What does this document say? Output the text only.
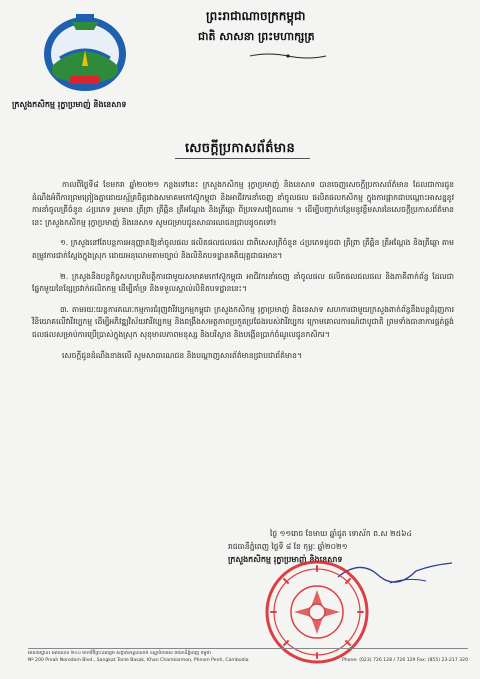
ក្រសួងកសិកម្ម រុក្ខាប្រមាញ់ និងនេសាទ
ព្រះរាជាណាចក្រកម្ពុជា
ជាតិ សាសនា ព្រះមហាក្សត្រ
សេចក្តីប្រកាសព័ត៌មាន

កាលពីថ្ងៃទី៨ ខែមករា ឆ្នាំ២០២១ កន្លងទៅនេះ ក្រសួងកសិកម្ម រុក្ខាប្រមាញ់ និងនេសាទ បានចេញសេចក្តីប្រកាសព័ត៌មាន ដែលជាការជូនដំណឹងអំពីការព្រមព្រៀងគ្នាដោយស្ម័គ្រចិត្តរវាងសមាគមកៅស៊ូកម្ពុជា និងអាជីវករនាំចេញ នាំចូលផល ផលិតផលកសិកម្ម ក្នុងការផ្អាកជាបណ្ដោះអាសន្ននូវការនាំចូលត្រីចំនួន ៤ប្រភេទ រួមមាន ត្រីព្រា ត្រីឆ្ពិន ត្រីអណ្ដែង និងត្រីឆ្តោ ពីប្រទេសវៀតណាម ។ ដើម្បីបញ្ជាក់បន្ថែមនូវខ្លឹមសារនៃសេចក្តីប្រកាសព័ត៌មាននេះ ក្រសួងកសិកម្ម រុក្ខាប្រមាញ់ និងនេសាទ សូមជម្រាបជូនសាធារណជនជ្រាបដូចតទៅ៖

១. ក្រសួងនៅតែបន្តការអនុញ្ញាតឱ្យនាំចូលផល ផលិតផលជលផល ជាពិសេសត្រីចំនួន ៤ប្រភេទដូចជា ត្រីព្រា ត្រីឆ្ពិន ត្រីអណ្ដែង និងត្រីឆ្តោ តាមតម្រូវការជាក់ស្តែងក្នុងស្រុក ដោយអនុលោមតាមច្បាប់ និងលិខិតបទដ្ឋានគតិយុត្តជាធរមាន។

២. ក្រសួងនឹងបន្តកិច្ចសហប្រតិបត្តិការជាមួយសមាគមកៅស៊ូកម្ពុជា អាជីវករនាំចេញ នាំចូលផល ផលិតផលជលផល និងភាគីពាក់ព័ន្ធ ដែលជាផ្នែកមួយនៃខ្សែច្រវាក់ផលិតកម្ម ដើម្បីគាំទ្រ និងទទួលស្គាល់លិខិតបទដ្ឋាននេះ។

៣. តាមរយៈយន្តការគណៈកម្មការជំរុញវារីវប្បកម្មកម្ពុជា ក្រសួងកសិកម្ម រុក្ខាប្រមាញ់ និងនេសាទ សហការជាមួយក្រសួងពាក់ព័ន្ធនឹងបន្តជំរុញការវិនិយោគលើវារីវប្បកម្ម ដើម្បីអភិវឌ្ឍវិស័យវារីវប្បកម្ម និងពង្រឹងសមត្ថភាពប្រកួតប្រជែងរបស់វារីវប្បករ ក្រោមគោលការណ៍ជាបូជាតិ ព្រមទាំងធានាការផ្គត់ផ្គង់ជលផលសម្រាប់ការប្រើប្រាស់ក្នុងស្រុក សុខុមាលភាពមនុស្ស និងបរិស្ថាន និងបង្កើនប្រាក់ចំណូលជូនកសិករ។

សេចក្តីជូនដំណឹងខាងលើ សូមសាធារណជន និងបណ្តាញសារព័ត៌មានជ្រាបជាព័ត៌មាន។

ថ្ងៃ ១១រោច ខែមាឃ ឆ្នាំជូត ទោស័ក ព.ស ២៥៦៤
រាជធានីភ្នំពេញ ថ្ងៃទី ៨ ខែ កុម្ភៈ ឆ្នាំ២០២១
ក្រសួងកសិកម្ម រុក្ខាប្រមាញ់ និងនេសាទ
អាសយដ្ឋាន៖ អគារលេខ ២០០ មហាវិថីព្រះនរោត្តម សង្កាត់ទន្លេបាសាក់ ខណ្ឌចំការមន រាជធានីភ្នំពេញ កម្ពុជា
Nº 200 Preah Norodom Blvd., Sangkat Tonle Basak, Khan Chamkarmon, Phnom Penh, Cambodia	Phone: (023) 726 128 / 726 129 Fax: (855) 23-217 320
